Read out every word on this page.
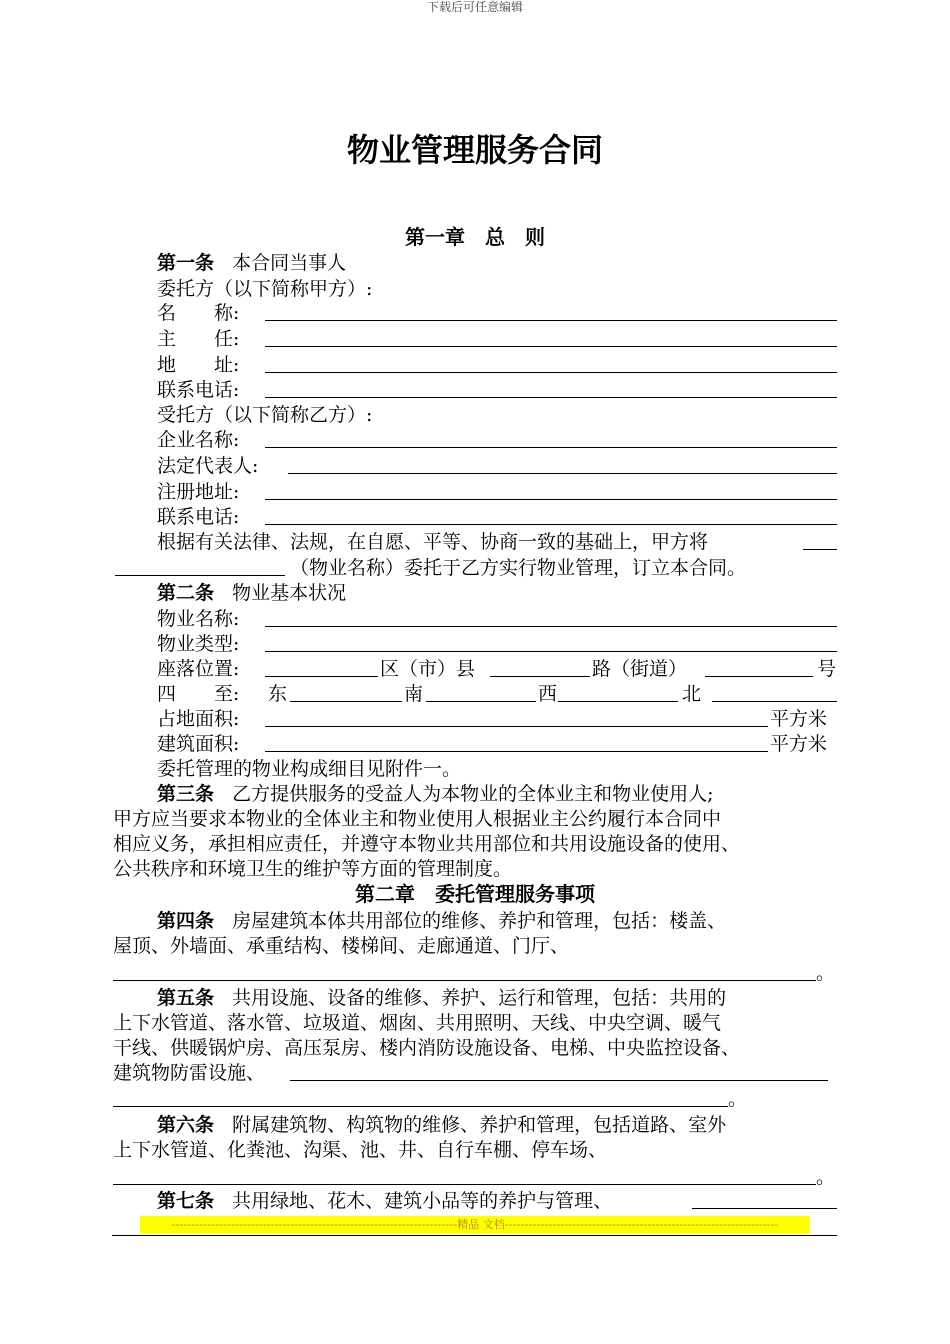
下载后可任意编辑
物业管理服务合同
第一章　总　则
第一条 本合同当事人
委托方（以下简称甲方）:
名　　称:
主　　任:
地　　址:
联系电话:
受托方（以下简称乙方）:
企业名称:
法定代表人:
注册地址:
联系电话:
根据有关法律、法规，在自愿、平等、协商一致的基础上，甲方将
（物业名称）委托于乙方实行物业管理，订立本合同。
第二条 物业基本状况
物业名称:
物业类型:
座落位置:	区（市）县	路（街道）	号
四　　至: 东	南	西	北
占地面积:	平方米
建筑面积:	平方米
委托管理的物业构成细目见附件一。
第三条 乙方提供服务的受益人为本物业的全体业主和物业使用人;
甲方应当要求本物业的全体业主和物业使用人根据业主公约履行本合同中
相应义务，承担相应责任，并遵守本物业共用部位和共用设施设备的使用、
公共秩序和环境卫生的维护等方面的管理制度。
第二章　委托管理服务事项
第四条 房屋建筑本体共用部位的维修、养护和管理，包括：楼盖、
屋顶、外墙面、承重结构、楼梯间、走廊通道、门厅、
。
第五条 共用设施、设备的维修、养护、运行和管理，包括：共用的
上下水管道、落水管、垃圾道、烟囱、共用照明、天线、中央空调、暖气
干线、供暖锅炉房、高压泵房、楼内消防设施设备、电梯、中央监控设备、
建筑物防雷设施、
。
第六条 附属建筑物、构筑物的维修、养护和管理，包括道路、室外
上下水管道、化粪池、沟渠、池、井、自行车棚、停车场、
。
第七条 共用绿地、花木、建筑小品等的养护与管理、
------------------------------------------------------------------------精品 文档---------------------------------------------------------------------
